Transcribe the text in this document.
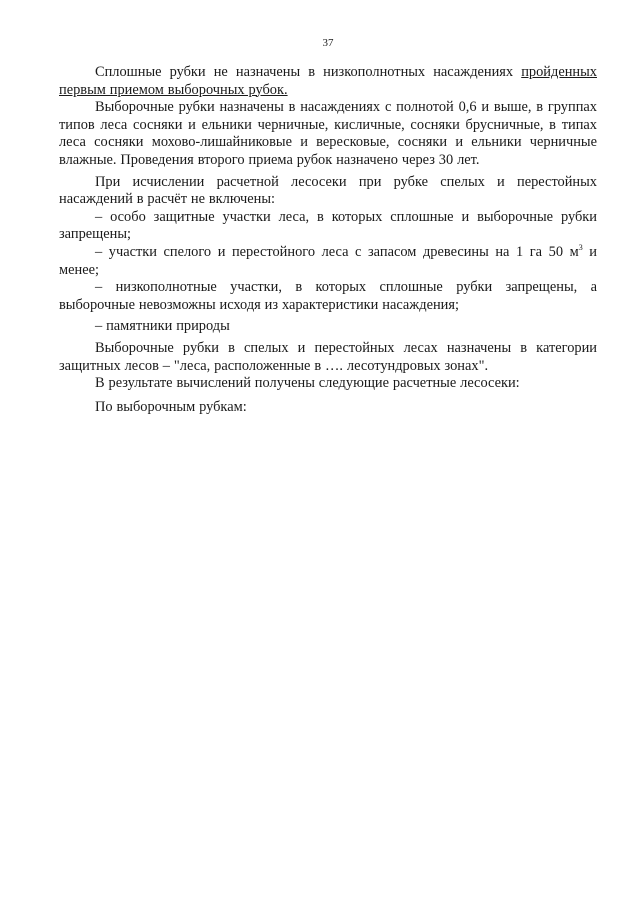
37

Сплошные рубки не назначены в низкополнотных насаждениях пройденных первым приемом выборочных рубок.

Выборочные рубки назначены в насаждениях с полнотой 0,6 и выше, в группах типов леса сосняки и ельники черничные, кисличные, сосняки брусничные, в типах леса сосняки мохово-лишайниковые и вересковые, сосняки и ельники черничные влажные. Проведения второго приема рубок назначено через 30 лет.

При исчислении расчетной лесосеки при рубке спелых и перестойных насаждений в расчёт не включены:

– особо защитные участки леса, в которых сплошные и выборочные рубки запрещены;

– участки спелого и перестойного леса с запасом древесины на 1 га 50 $м^3$ и менее;

– низкополнотные участки, в которых сплошные рубки запрещены, а выборочные невозможны исходя из характеристики насаждения;

– памятники природы

Выборочные рубки в спелых и перестойных лесах назначены в категории защитных лесов – "леса, расположенные в …. лесотундровых зонах".

В результате вычислений получены следующие расчетные лесосеки:

По выборочным рубкам:
